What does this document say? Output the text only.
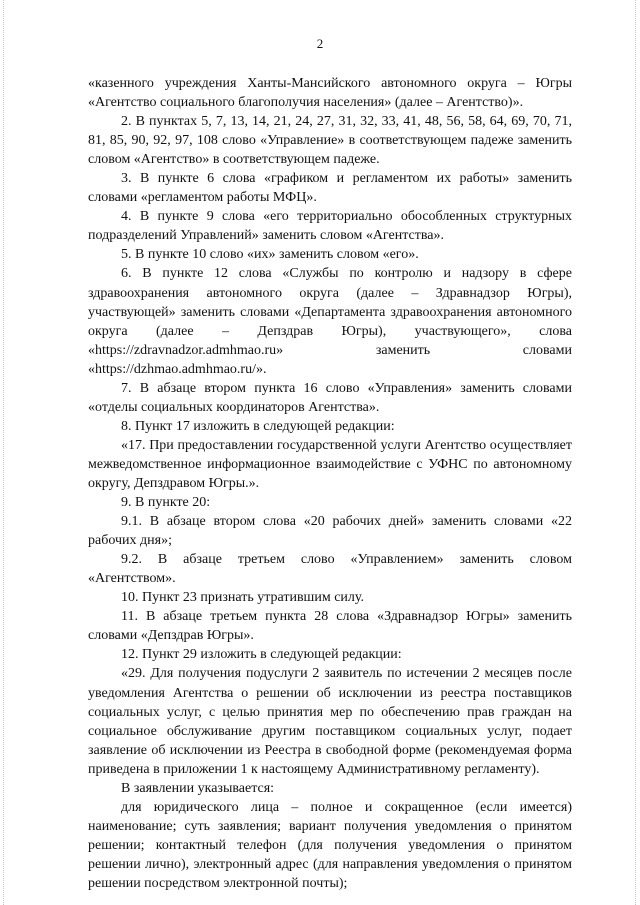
2

«казенного учреждения Ханты-Мансийского автономного округа – Югры «Агентство социального благополучия населения» (далее – Агентство)».

2. В пунктах 5, 7, 13, 14, 21, 24, 27, 31, 32, 33, 41, 48, 56, 58, 64, 69, 70, 71, 81, 85, 90, 92, 97, 108 слово «Управление» в соответствующем падеже заменить словом «Агентство» в соответствующем падеже.

3. В пункте 6 слова «графиком и регламентом их работы» заменить словами «регламентом работы МФЦ».

4. В пункте 9 слова «его территориально обособленных структурных подразделений Управлений» заменить словом «Агентства».

5. В пункте 10 слово «их» заменить словом «его».

6. В пункте 12 слова «Службы по контролю и надзору в сфере здравоохранения автономного округа (далее – Здравнадзор Югры), участвующей» заменить словами «Департамента здравоохранения автономного округа (далее – Депздрав Югры), участвующего», слова «https://zdravnadzor.admhmao.ru» заменить словами «https://dzhmao.admhmao.ru/».

7. В абзаце втором пункта 16 слово «Управления» заменить словами «отделы социальных координаторов Агентства».

8. Пункт 17 изложить в следующей редакции:

«17. При предоставлении государственной услуги Агентство осуществляет межведомственное информационное взаимодействие с УФНС по автономному округу, Депздравом Югры.».

9. В пункте 20:

9.1. В абзаце втором слова «20 рабочих дней» заменить словами «22 рабочих дня»;

9.2. В абзаце третьем слово «Управлением» заменить словом «Агентством».

10. Пункт 23 признать утратившим силу.

11. В абзаце третьем пункта 28 слова «Здравнадзор Югры» заменить словами «Депздрав Югры».

12. Пункт 29 изложить в следующей редакции:

«29. Для получения подуслуги 2 заявитель по истечении 2 месяцев после уведомления Агентства о решении об исключении из реестра поставщиков социальных услуг, с целью принятия мер по обеспечению прав граждан на социальное обслуживание другим поставщиком социальных услуг, подает заявление об исключении из Реестра в свободной форме (рекомендуемая форма приведена в приложении 1 к настоящему Административному регламенту).

В заявлении указывается:

для юридического лица – полное и сокращенное (если имеется) наименование; суть заявления; вариант получения уведомления о принятом решении; контактный телефон (для получения уведомления о принятом решении лично), электронный адрес (для направления уведомления о принятом решении посредством электронной почты);
